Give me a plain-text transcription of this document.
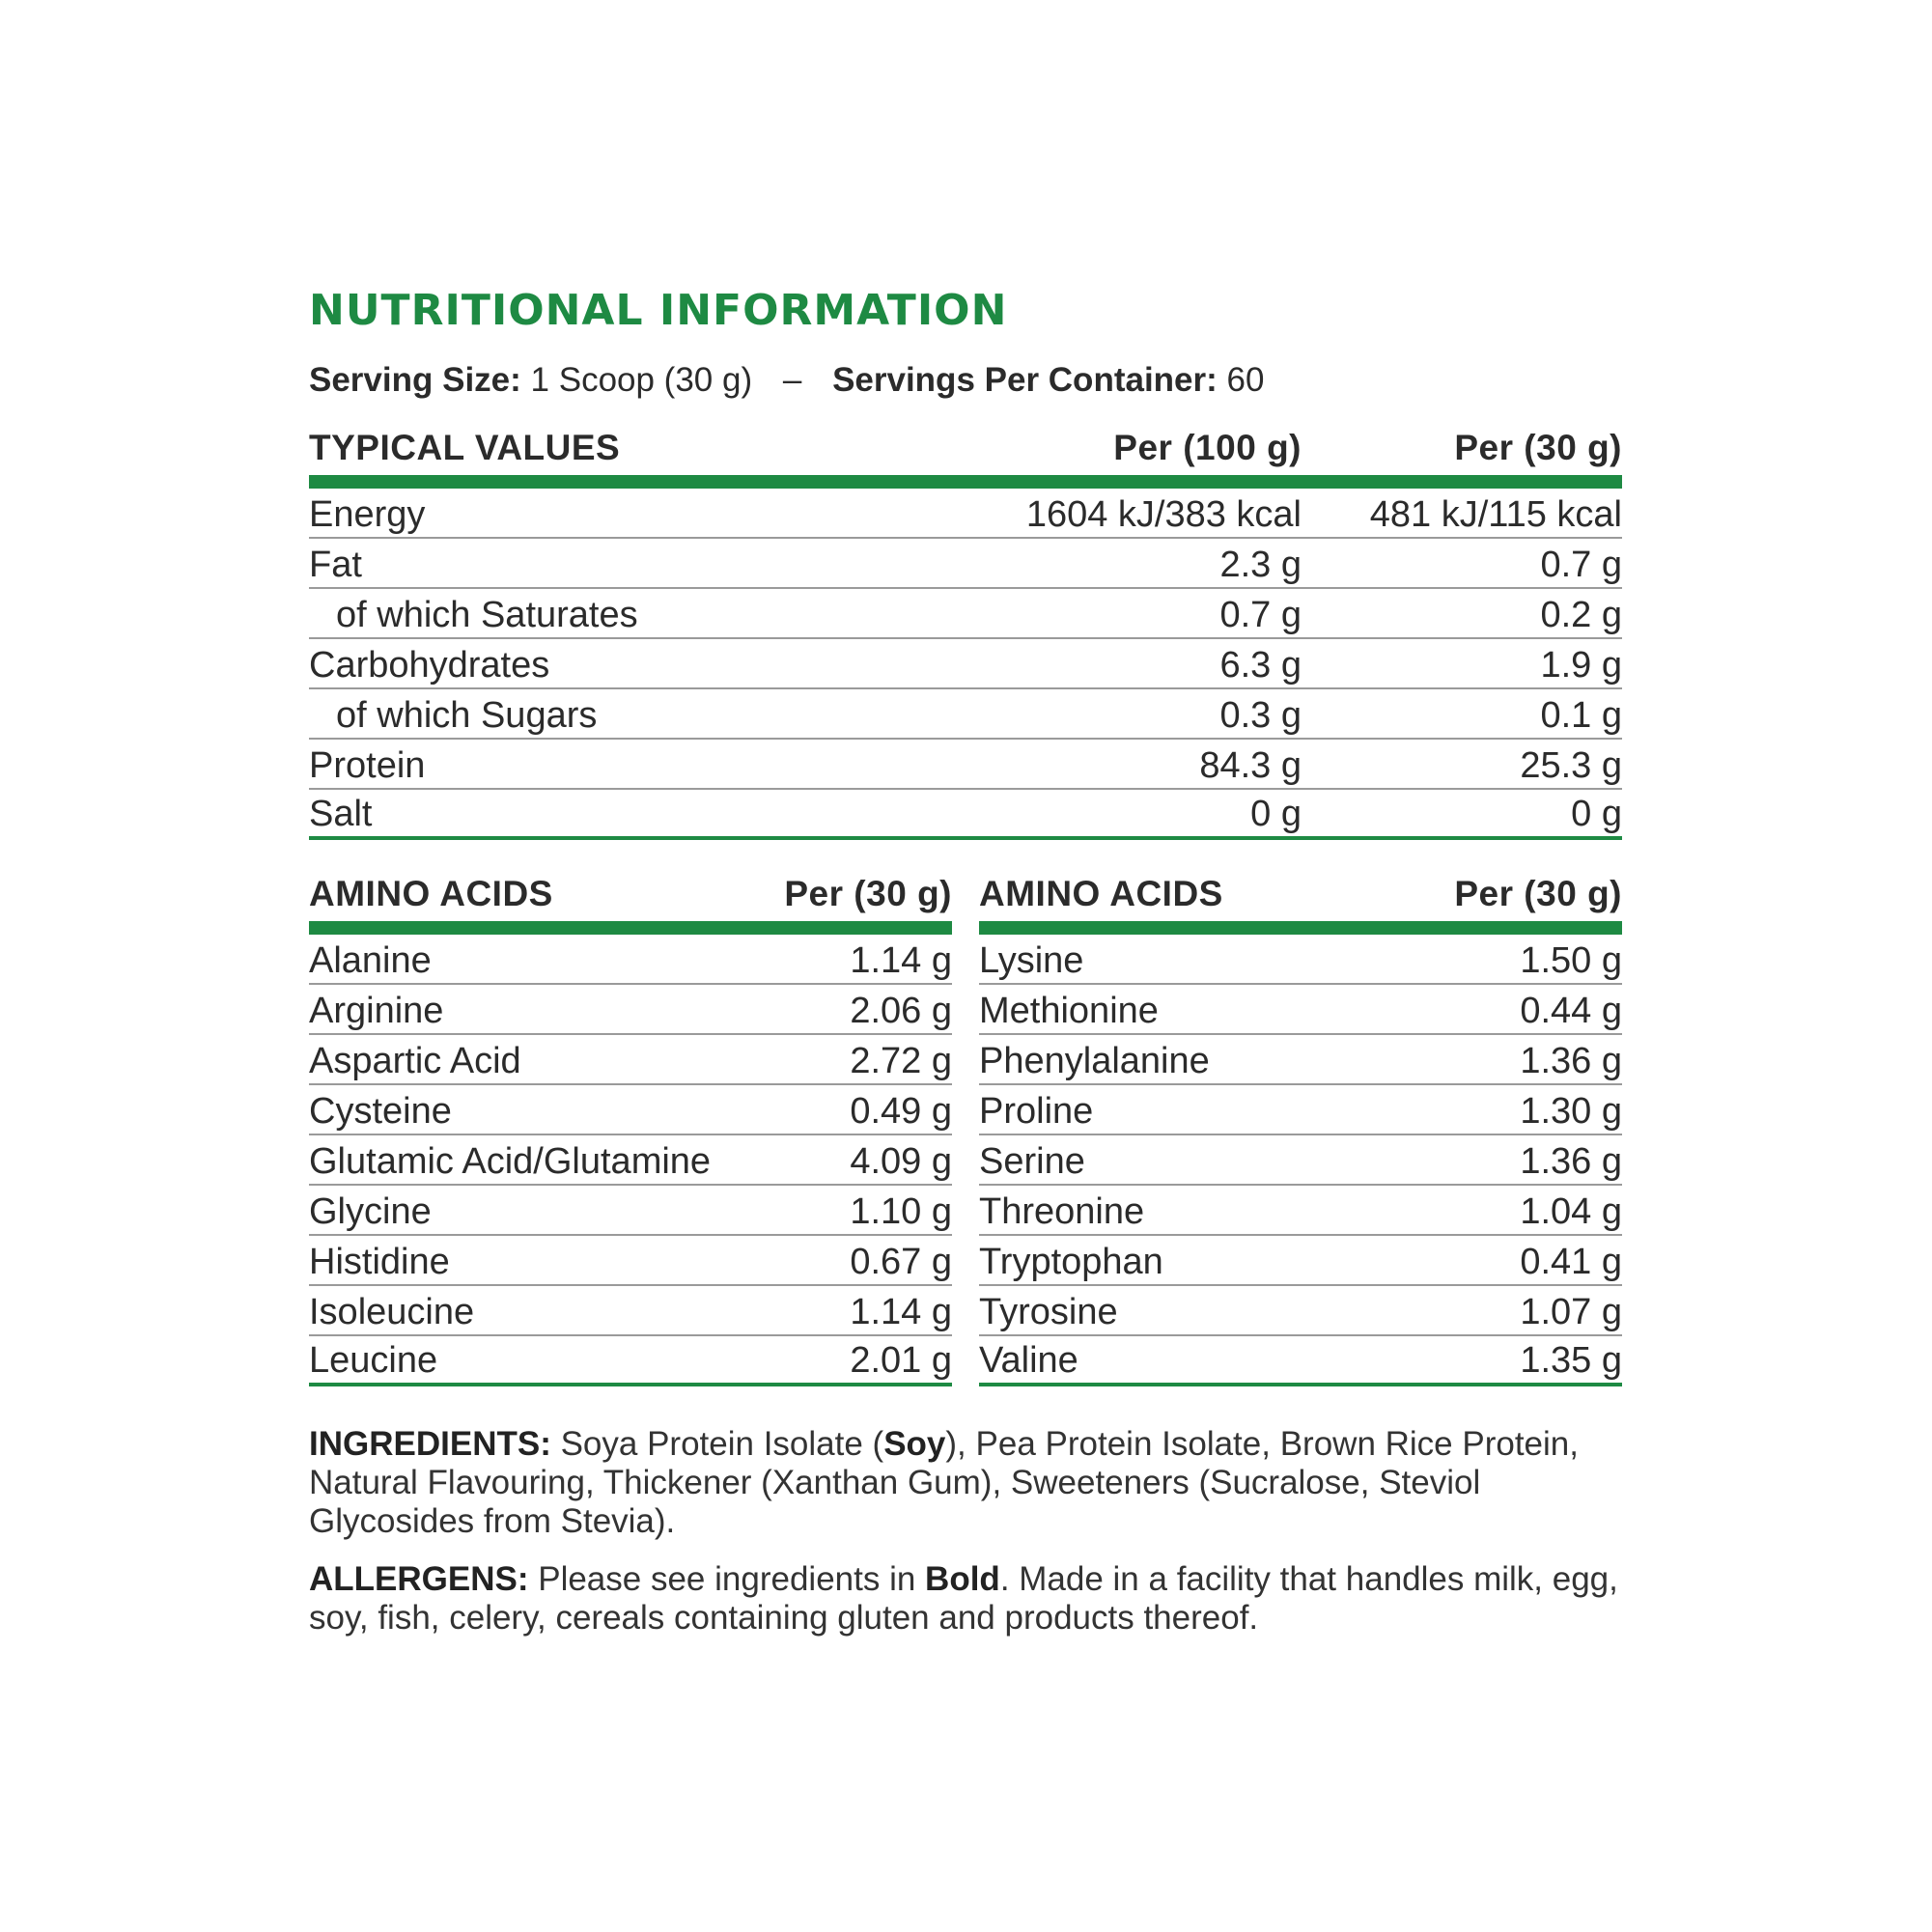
NUTRITIONAL INFORMATION
Serving Size: 1 Scoop (30 g) – Servings Per Container: 60
TYPICAL VALUES	Per (100 g)	Per (30 g)
Energy	1604 kJ/383 kcal	481 kJ/115 kcal
Fat	2.3 g	0.7 g
of which Saturates	0.7 g	0.2 g
Carbohydrates	6.3 g	1.9 g
of which Sugars	0.3 g	0.1 g
Protein	84.3 g	25.3 g
Salt	0 g	0 g
AMINO ACIDS	Per (30 g)
Alanine	1.14 g
Arginine	2.06 g
Aspartic Acid	2.72 g
Cysteine	0.49 g
Glutamic Acid/Glutamine	4.09 g
Glycine	1.10 g
Histidine	0.67 g
Isoleucine	1.14 g
Leucine	2.01 g
AMINO ACIDS	Per (30 g)
Lysine	1.50 g
Methionine	0.44 g
Phenylalanine	1.36 g
Proline	1.30 g
Serine	1.36 g
Threonine	1.04 g
Tryptophan	0.41 g
Tyrosine	1.07 g
Valine	1.35 g

INGREDIENTS: Soya Protein Isolate (Soy), Pea Protein Isolate, Brown Rice Protein, Natural Flavouring, Thickener (Xanthan Gum), Sweeteners (Sucralose, Steviol Glycosides from Stevia).

ALLERGENS: Please see ingredients in Bold. Made in a facility that handles milk, egg, soy, fish, celery, cereals containing gluten and products thereof.
